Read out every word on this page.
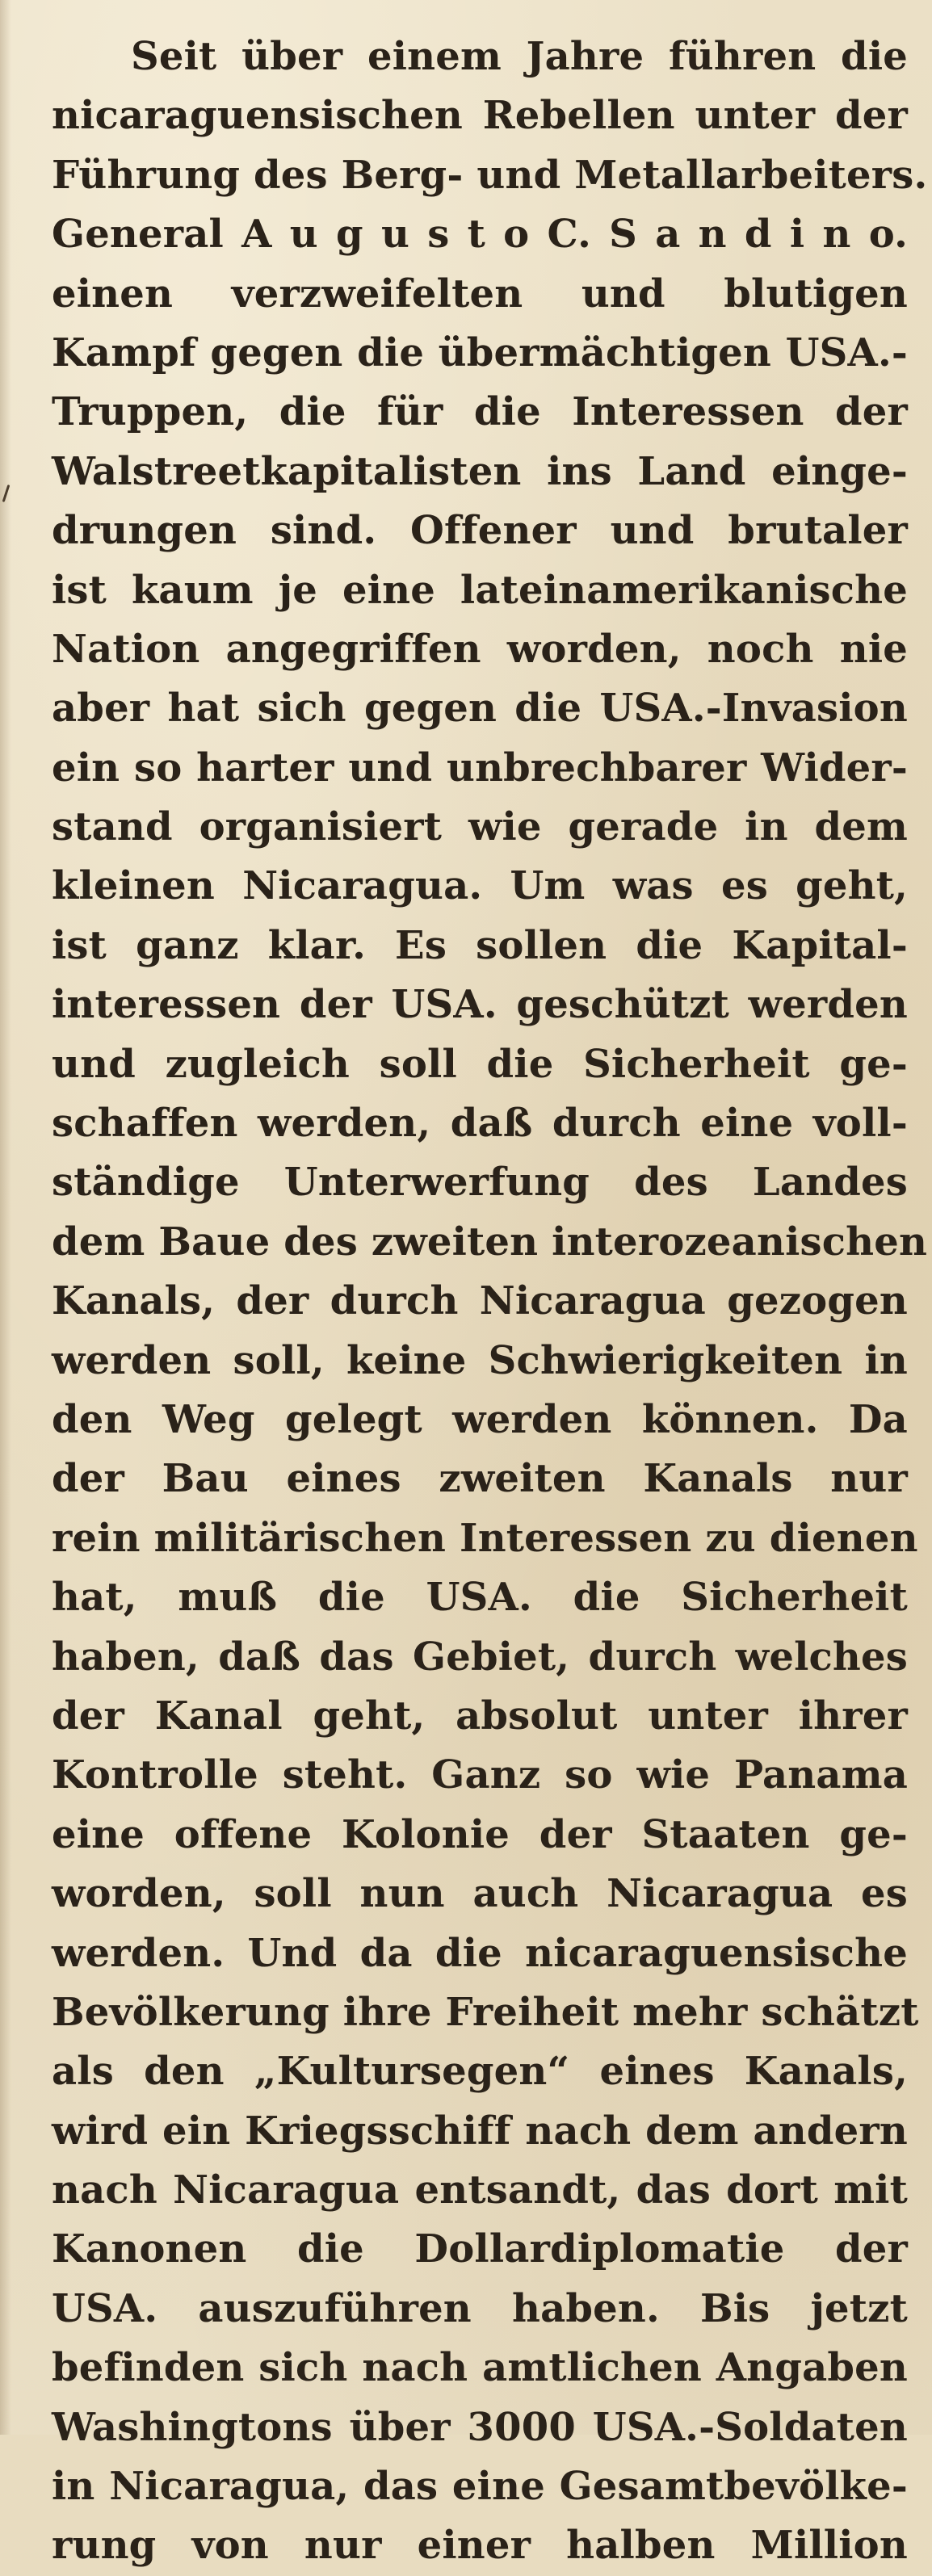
Seit über einem Jahre führen die
nicaraguensischen Rebellen unter der
Führung des Berg- und Metallarbeiters.
General A u g u s t o C. S a n d i n o.
einen verzweifelten und blutigen
Kampf gegen die übermächtigen USA.-
Truppen, die für die Interessen der
Walstreetkapitalisten ins Land einge-
drungen sind. Offener und brutaler
ist kaum je eine lateinamerikanische
Nation angegriffen worden, noch nie
aber hat sich gegen die USA.-Invasion
ein so harter und unbrechbarer Wider-
stand organisiert wie gerade in dem
kleinen Nicaragua. Um was es geht,
ist ganz klar. Es sollen die Kapital-
interessen der USA. geschützt werden
und zugleich soll die Sicherheit ge-
schaffen werden, daß durch eine voll-
ständige Unterwerfung des Landes
dem Baue des zweiten interozeanischen
Kanals, der durch Nicaragua gezogen
werden soll, keine Schwierigkeiten in
den Weg gelegt werden können. Da
der Bau eines zweiten Kanals nur
rein militärischen Interessen zu dienen
hat, muß die USA. die Sicherheit
haben, daß das Gebiet, durch welches
der Kanal geht, absolut unter ihrer
Kontrolle steht. Ganz so wie Panama
eine offene Kolonie der Staaten ge-
worden, soll nun auch Nicaragua es
werden. Und da die nicaraguensische
Bevölkerung ihre Freiheit mehr schätzt
als den „Kultursegen“ eines Kanals,
wird ein Kriegsschiff nach dem andern
nach Nicaragua entsandt, das dort mit
Kanonen die Dollardiplomatie der
USA. auszuführen haben. Bis jetzt
befinden sich nach amtlichen Angaben
Washingtons über 3000 USA.-Soldaten
in Nicaragua, das eine Gesamtbevölke-
rung von nur einer halben Million
